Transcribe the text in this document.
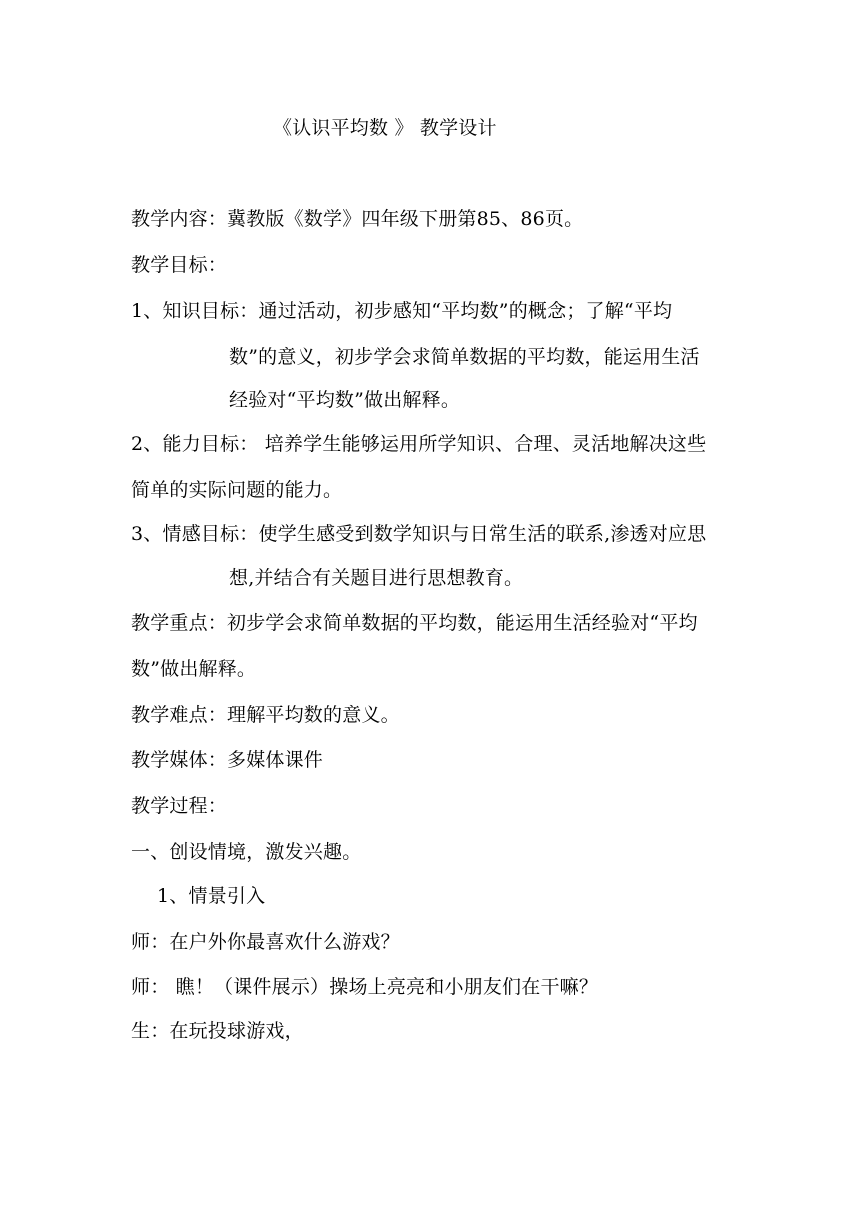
《认识平均数 》 教学设计
教学内容：冀教版《数学》四年级下册第85、86页。
教学目标：
1、知识目标：通过活动，初步感知“平均数”的概念；了解“平均
数”的意义，初步学会求简单数据的平均数，能运用生活
经验对“平均数”做出解释。
2、能力目标： 培养学生能够运用所学知识、合理、灵活地解决这些
简单的实际问题的能力。
3、情感目标：使学生感受到数学知识与日常生活的联系,渗透对应思
想,并结合有关题目进行思想教育。
教学重点：初步学会求简单数据的平均数，能运用生活经验对“平均
数”做出解释。
教学难点：理解平均数的意义。
教学媒体：多媒体课件
教学过程：
一、创设情境，激发兴趣。
1、情景引入
师：在户外你最喜欢什么游戏？
师： 瞧！（课件展示）操场上亮亮和小朋友们在干嘛？
生：在玩投球游戏，
